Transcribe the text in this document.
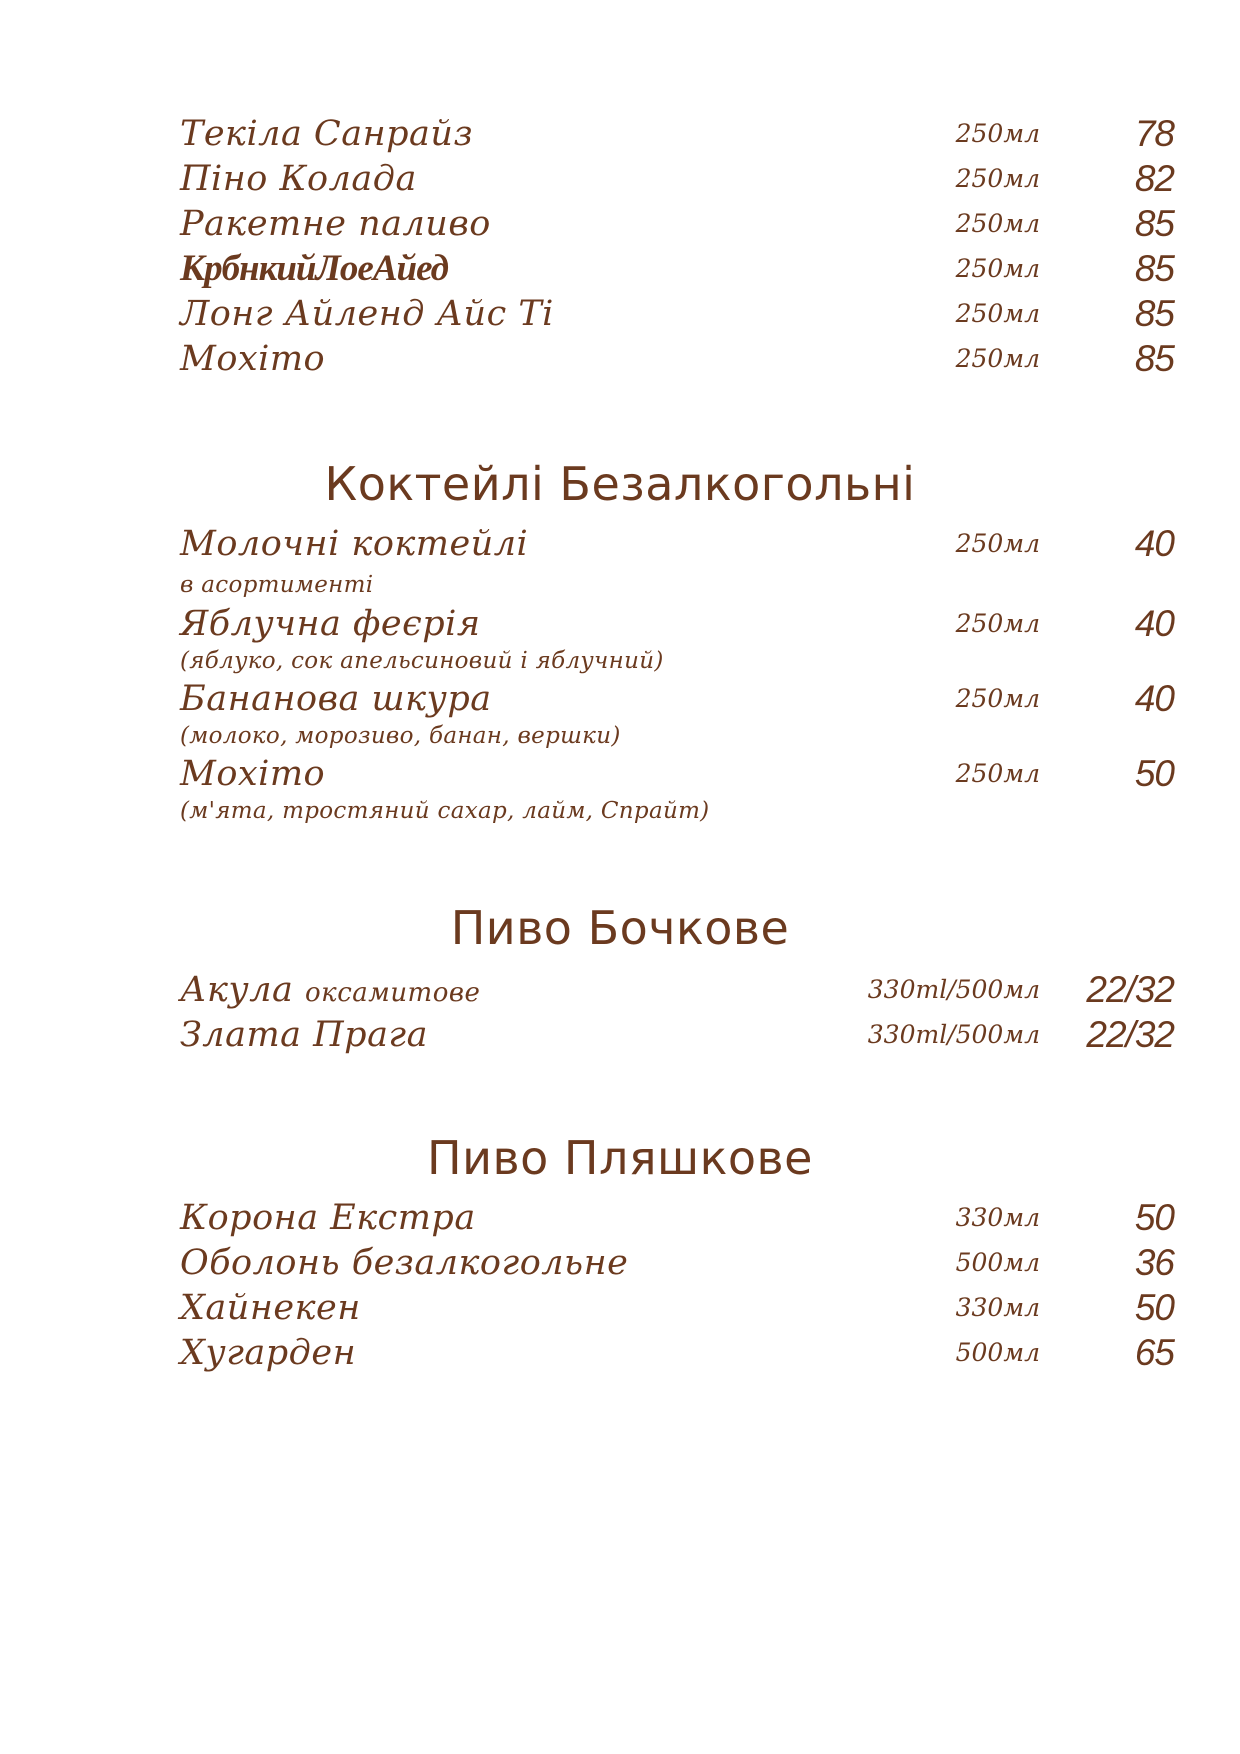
Текіла Санрайз	250мл	78
Піно Колада	250мл	82
Ракетне паливо	250мл	85
КрбнкийЛоеАйед	250мл	85
Лонг Айленд Айс Ті	250мл	85
Мохіто	250мл	85
Коктейлі Безалкогольні
Молочні коктейлі	250мл	40
в асортименті
Яблучна феєрія	250мл	40
(яблуко, сок апельсиновий і яблучний)
Бананова шкура	250мл	40
(молоко, морозиво, банан, вершки)
Мохіто	250мл	50
(м'ята, тростяний сахар, лайм, Спрайт)
Пиво Бочкове
Акула оксамитове	330ml/500мл 22/32
Злата Прага	330ml/500мл 22/32
Пиво Пляшкове
Корона Екстра	330мл	50
Оболонь безалкогольне	500мл	36
Хайнекен	330мл	50
Хугарден	500мл	65
